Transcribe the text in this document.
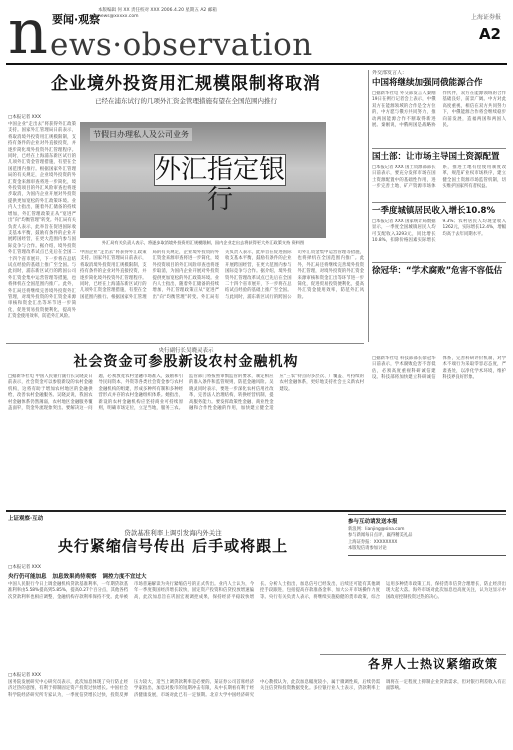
n 要闻·观察
本版编辑 何 XX 责任校对 XXX 2006.4.20 星期五 A2 邮箱 news@xxxxx.com
ews·observation
上海证券报
A2
企业境外投资用汇规模限制将取消
已经在浦东试行的几项外汇资金管理措施有望在全国范围内推行
□本报记者 XXX
中国企业“走出去”将获得外汇政策支持。国家外汇管理局日前表示，将取消境外投资用汇规模限制，支持有条件的企业对外直接投资，并逐步简化境外投资外汇管理程序。同时，已经在上海浦东新区试行的几项外汇资金管理措施，有望在全国范围内推行。根据国家外汇管理局的有关规定，企业境外投资的外汇资金来源审查将进一步简化，境外投资项目的外汇风险审查也将逐步取消，为国内企业开展对外投资提供更加宽松的外汇政策环境。业内人士指出，随着外汇储备的持续增加，外汇管理政策正从“宽进严出”向“均衡管理”转变。外汇局有关负责人表示，此举旨在促进国际收支基本平衡，鼓励有条件的企业开展跨国经营，在更大范围内参与国际竞争与合作。据介绍，境外投资外汇管理改革试点已先后在全国二十四个省市展开，下一步将在总结试点经验的基础上推广至全国。与此同时，浦东新区试行的跨国公司外汇资金集中运营管理等措施，也将择机在全国范围内推广。此外，外汇局还将继续完善境外投资外汇管理，对境外投资的外汇资金来源审核和资金汇出等环节进一步简化，促进贸易投资便利化，提高外汇资金使用效率，防范外汇风险。
节假日办理私人及公司业务
外汇指定银行
外汇局有关负责人表示，将逐步取消境外投资用汇规模限制，国内企业走出去将获得更大外汇政策支持 资料图
中国企业“走出去”将获得外汇政策支持。国家外汇管理局日前表示，将取消境外投资用汇规模限制，支持有条件的企业对外直接投资，并逐步简化境外投资外汇管理程序。同时，已经在上海浦东新区试行的几项外汇资金管理措施，有望在全国范围内推行。根据国家外汇管理局的有关规定，企业境外投资的外汇资金来源审查将进一步简化，境外投资项目的外汇风险审查也将逐步取消，为国内企业开展对外投资提供更加宽松的外汇政策环境。业内人士指出，随着外汇储备的持续增加，外汇管理政策正从“宽进严出”向“均衡管理”转变。外汇局有关负责人表示，此举旨在促进国际收支基本平衡，鼓励有条件的企业开展跨国经营，在更大范围内参与国际竞争与合作。据介绍，境外投资外汇管理改革试点已先后在全国二十四个省市展开，下一步将在总结试点经验的基础上推广至全国。与此同时，浦东新区试行的跨国公司外汇资金集中运营管理等措施，也将择机在全国范围内推广。此外，外汇局还将继续完善境外投资外汇管理，对境外投资的外汇资金来源审核和资金汇出等环节进一步简化，促进贸易投资便利化，提高外汇资金使用效率，防范外汇风险。
外交部发言人：
中国将继续加强同俄能源合作
□据新华社电 外交部发言人秦刚19日在例行记者会上表示，中俄双方在能源领域的合作是全方位的，中方愿与俄方共同努力，推动两国能源合作不断取得新进展。秦刚说，中俄两国是战略协作伙伴，双方在能源领域的合作基础良好，前景广阔。中方对此高度重视，相信在双方共同努力下，中俄能源合作将会继续稳步向前发展，造福两国和两国人民。
国土部：让市场主导国土资源配置
□本报记者 XXX 国土资源部部长日前表示，要充分发挥市场在国土资源配置中的基础性作用，进一步完善土地、矿产资源市场体系，推进土地有偿使用制度改革，规范矿业权市场秩序，建立健全国土资源市场监管机制，切实维护国家所有者权益。
一季度城镇居民收入增长10.8%
□本报记者 XXX 国家统计局数据显示，一季度全国城镇居民人均可支配收入3293元，同比增长10.8%，扣除价格因素实际增长9.3%；农村居民人均现金收入1262元，实际增长12.4%，增幅均高于去年同期水平。
徐冠华：“学术腐败”危害不容低估
□据新华社电 科技部部长徐冠华日前表示，学术腐败危害不容低估，必须高度重视科研诚信建设。科技部将加快建立科研诚信体系，完善科研评价机制，对学术不端行为采取零容忍态度，严肃查处，以净化学术环境，维护科技界良好形象。
央行副行长吴晓灵表示
社会资金可参股新设农村金融机构
□据新华社电 中国人民银行副行长吴晓灵日前表示，社会资金可以参股新设的农村金融机构，这将有助于增加农村地区的金融供给，改善农村金融服务。吴晓灵说，我国农村金融体系仍然薄弱，农村地区金融服务覆盖面窄，资金外流现象突出。要解决这一问题，必须放宽农村金融市场准入，鼓励和引导民间资本、外资等各类社会资金参与农村金融机构的组建，形成多种所有制和多种经营形式并存的农村金融组织体系。她指出，新设的农村金融机构应坚持商业可持续原则，明确市场定位，立足当地，服务三农。监管部门将按照审慎监管的要求，制定相应的准入条件和监管规则，防范金融风险。吴晓灵同时表示，要进一步深化农村信用社改革，完善法人治理结构，转换经营机制，提高服务能力。要发挥政策性金融、商业性金融和合作性金融的作用，加快建立健全适应“三农”特点的多层次、广覆盖、可持续的农村金融体系，更好地支持社会主义新农村建设。
上证观察·互动
贷款基准利率上调引发海内外关注
央行紧缩信号传出 后手或将跟上
参与互动请发送本报
新浪网：lianjing@sina.com
参与新闻每日点评，赢得精美礼品
上海证券报：XXXXXXXX
本版短信请参加讨论
□本报记者 XXX
央行仍可能加息 加息效果尚待观察 调控力度不宜过大
中国人民银行今日上调金融机构贷款基准利率，一年期贷款基准利率由5.58%提高到5.85%，提高0.27个百分点，其他各档次贷款利率也相应调整，金融机构存款利率保持不变。此举被市场普遍解读为央行紧缩信号的正式传出。业内人士认为，今年一季度我国经济增长较快，固定资产投资和信贷投放增速偏高，此次加息旨在巩固宏观调控成果，保持经济平稳较快增长。分析人士指出，加息信号已经发出，后续还可能有其他调控手段跟进，包括提高存款准备金率、加大公开市场操作力度等。央行有关负责人表示，将继续实施稳健的货币政策，综合运用多种货币政策工具，保持货币信贷合理增长，防止经济出现大起大落。海外市场对此次加息也高度关注，认为这显示中国政府控制投资过热的决心。
各界人士热议紧缩政策
□本报记者 XXX
国务院发展研究中心研究员表示，此次加息体现了央行防止经济过热的意图，有利于抑制固定资产投资过快增长。中国社会科学院经济研究所专家认为，一季度信贷增长过快，投资反弹压力较大，适当上调贷款利率是必要的。某证券公司首席经济学家指出，加息对股市的短期冲击有限，从中长期看有利于经济健康发展，市场对此已有一定预期。北京大学中国经济研究中心教授认为，此次加息幅度较小，属于微调性质，后续仍需关注信贷和投资数据变化。多位银行业人士表示，贷款利率上调将在一定程度上抑制企业贷款需求，但对银行利差收入有正面影响。
